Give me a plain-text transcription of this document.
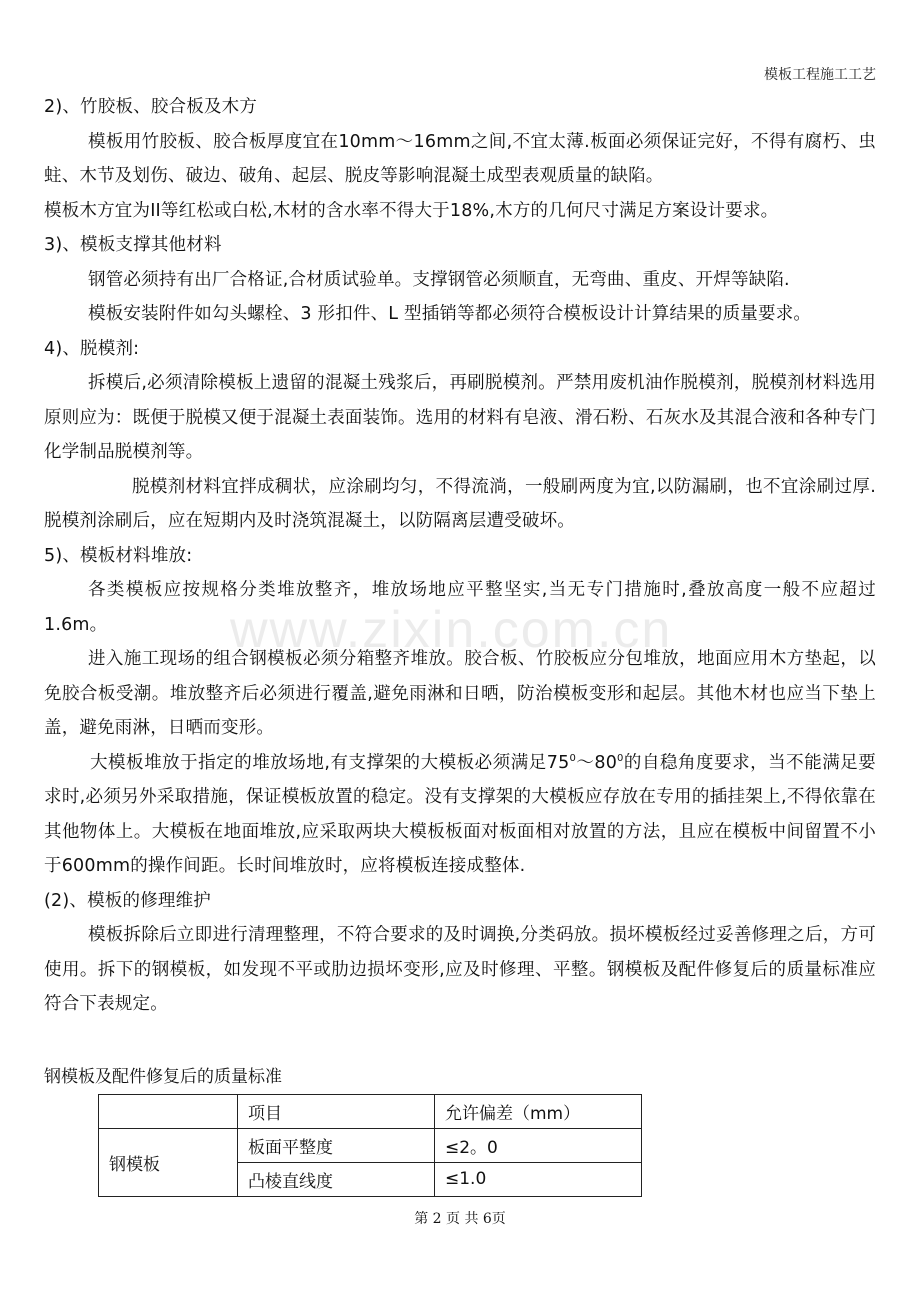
模板工程施工工艺
www.zixin.com.cn

2)、竹胶板、胶合板及木方

模板用竹胶板、胶合板厚度宜在10mm～16mm之间,不宜太薄.板面必须保证完好，不得有腐朽、虫蛀、木节及划伤、破边、破角、起层、脱皮等影响混凝土成型表观质量的缺陷。

模板木方宜为II等红松或白松,木材的含水率不得大于18%,木方的几何尺寸满足方案设计要求。

3)、模板支撑其他材料

钢管必须持有出厂合格证,合材质试验单。支撑钢管必须顺直，无弯曲、重皮、开焊等缺陷.

模板安装附件如勾头螺栓、3 形扣件、L 型插销等都必须符合模板设计计算结果的质量要求。

4)、脱模剂:

拆模后,必须清除模板上遗留的混凝土残浆后，再刷脱模剂。严禁用废机油作脱模剂，脱模剂材料选用原则应为：既便于脱模又便于混凝土表面装饰。选用的材料有皂液、滑石粉、石灰水及其混合液和各种专门化学制品脱模剂等。

脱模剂材料宜拌成稠状，应涂刷均匀，不得流淌，一般刷两度为宜,以防漏刷，也不宜涂刷过厚.脱模剂涂刷后，应在短期内及时浇筑混凝土，以防隔离层遭受破坏。

5)、模板材料堆放:

各类模板应按规格分类堆放整齐，堆放场地应平整坚实,当无专门措施时,叠放高度一般不应超过1.6m。

进入施工现场的组合钢模板必须分箱整齐堆放。胶合板、竹胶板应分包堆放，地面应用木方垫起，以免胶合板受潮。堆放整齐后必须进行覆盖,避免雨淋和日晒，防治模板变形和起层。其他木材也应当下垫上盖，避免雨淋，日晒而变形。

大模板堆放于指定的堆放场地,有支撑架的大模板必须满足$75^0\sim 80^0$的自稳角度要求，当不能满足要求时,必须另外采取措施，保证模板放置的稳定。没有支撑架的大模板应存放在专用的插挂架上,不得依靠在其他物体上。大模板在地面堆放,应采取两块大模板板面对板面相对放置的方法，且应在模板中间留置不小于600mm的操作间距。长时间堆放时，应将模板连接成整体.

(2)、模板的修理维护

模板拆除后立即进行清理整理，不符合要求的及时调换,分类码放。损坏模板经过妥善修理之后，方可使用。拆下的钢模板，如发现不平或肋边损坏变形,应及时修理、平整。钢模板及配件修复后的质量标准应符合下表规定。

钢模板及配件修复后的质量标准

	项目	允许偏差（mm）
钢模板	板面平整度	≤2。0
	凸棱直线度	≤1.0
第 2 页 共 6页
